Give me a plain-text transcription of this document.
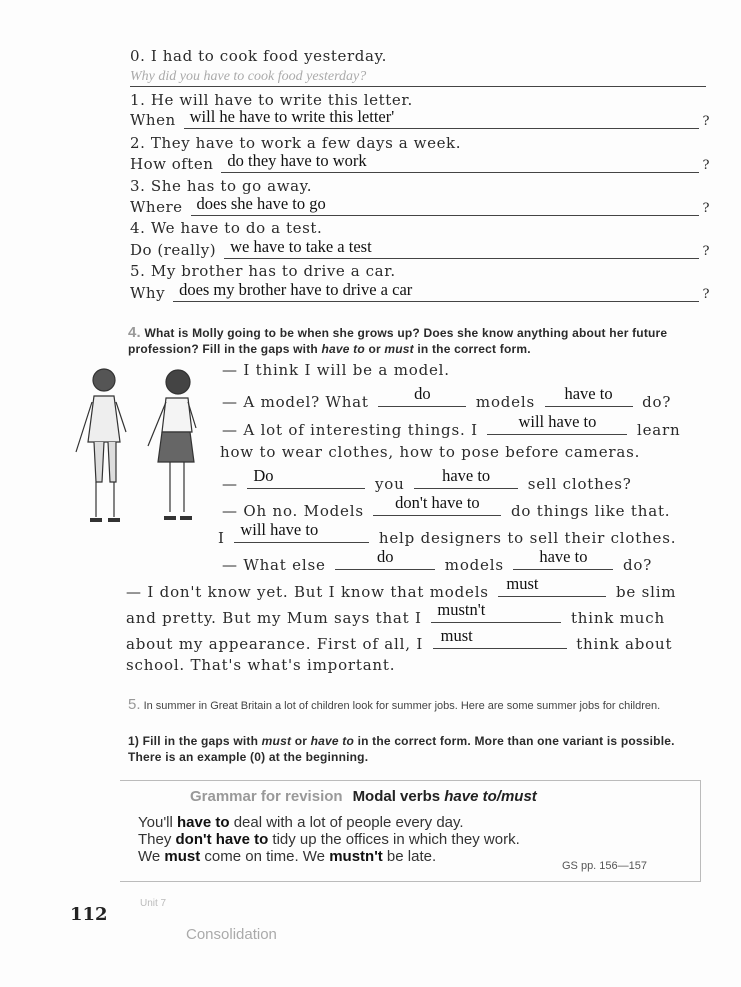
0. I had to cook food yesterday.
Why did you have to cook food yesterday?
1. He will have to write this letter.
When will he have to write this letter'	?
2. They have to work a few days a week.
How often do they have to work	?
3. She has to go away.
Where does she have to go	?
4. We have to do a test.
Do (really) we have to take a test	?
5. My brother has to drive a car.
Why does my brother have to drive a car	?
4. What is Molly going to be when she grows up? Does she know anything about her future profession? Fill in the gaps with have to or must in the correct form.
— I think I will be a model.
— A model? What	do	models	have to	do?
— A lot of interesting things. I	will have to	learn
how to wear clothes, how to pose before cameras.
— Do	you	have to	sell clothes?
— Oh no. Models	don't have to	do things like that.
I will have to	help designers to sell their clothes.
— What else	do	models	have to	do?
— I don't know yet. But I know that models must	be slim
and pretty. But my Mum says that I mustn't	think much
about my appearance. First of all, I must	think about
school. That's what's important.
5. In summer in Great Britain a lot of children look for summer jobs. Here are some summer jobs for children.
1) Fill in the gaps with must or have to in the correct form. More than one variant is possible. There is an example (0) at the beginning.
Grammar for revision Modal verbs have to/must
You'll have to deal with a lot of people every day.
They don't have to tidy up the offices in which they work.
We must come on time. We mustn't be late.
GS pp. 156—157
112
Unit 7
Consolidation
